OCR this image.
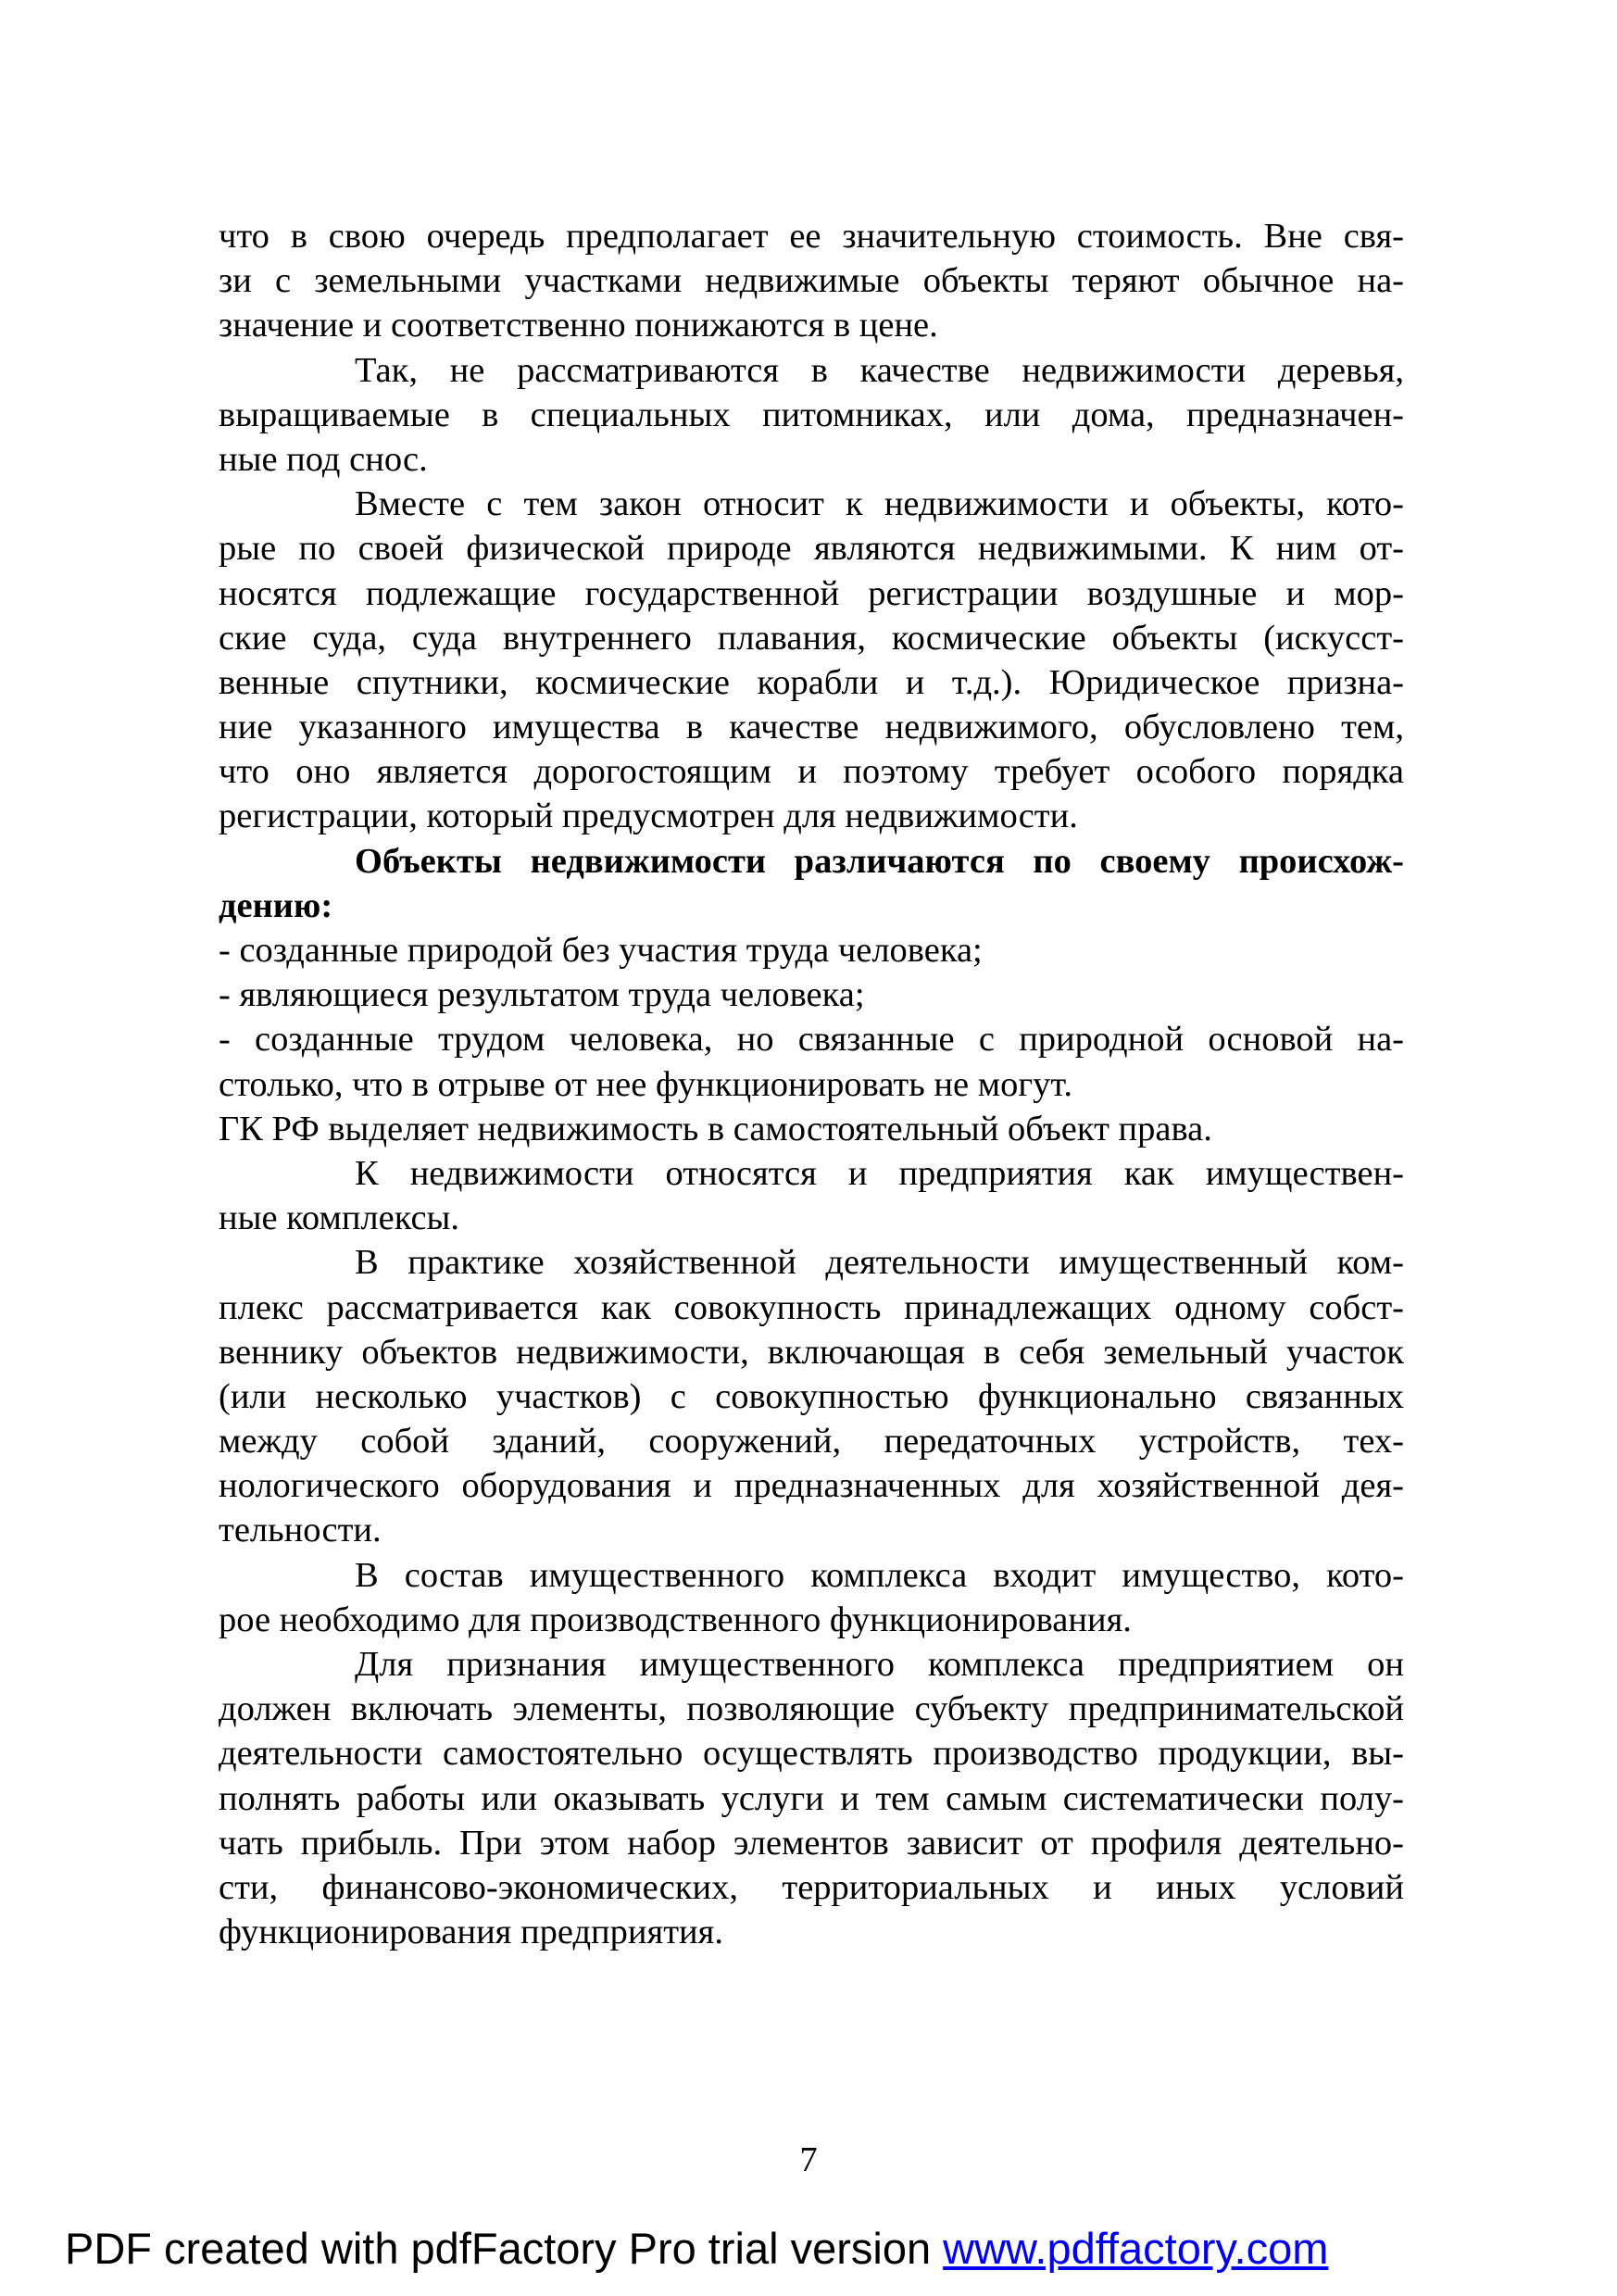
что в свою очередь предполагает ее значительную стоимость. Вне свя-
зи с земельными участками недвижимые объекты теряют обычное на-
значение и соответственно понижаются в цене.
Так, не рассматриваются в качестве недвижимости деревья,
выращиваемые в специальных питомниках, или дома, предназначен-
ные под снос.
Вместе с тем закон относит к недвижимости и объекты, кото-
рые по своей физической природе являются недвижимыми. К ним от-
носятся подлежащие государственной регистрации воздушные и мор-
ские суда, суда внутреннего плавания, космические объекты (искусст-
венные спутники, космические корабли и т.д.). Юридическое призна-
ние указанного имущества в качестве недвижимого, обусловлено тем,
что оно является дорогостоящим и поэтому требует особого порядка
регистрации, который предусмотрен для недвижимости.
Объекты недвижимости различаются по своему происхож-
дению:
- созданные природой без участия труда человека;
- являющиеся результатом труда человека;
- созданные трудом человека, но связанные с природной основой на-
столько, что в отрыве от нее функционировать не могут.
ГК РФ выделяет недвижимость в самостоятельный объект права.
К недвижимости относятся и предприятия как имуществен-
ные комплексы.
В практике хозяйственной деятельности имущественный ком-
плекс рассматривается как совокупность принадлежащих одному собст-
веннику объектов недвижимости, включающая в себя земельный участок
(или несколько участков) с совокупностью функционально связанных
между собой зданий, сооружений, передаточных устройств, тех-
нологического оборудования и предназначенных для хозяйственной дея-
тельности.
В состав имущественного комплекса входит имущество, кото-
рое необходимо для производственного функционирования.
Для признания имущественного комплекса предприятием он
должен включать элементы, позволяющие субъекту предпринимательской
деятельности самостоятельно осуществлять производство продукции, вы-
полнять работы или оказывать услуги и тем самым систематически полу-
чать прибыль. При этом набор элементов зависит от профиля деятельно-
сти, финансово-экономических, территориальных и иных условий
функционирования предприятия.
7
PDF created with pdfFactory Pro trial version www.pdffactory.com
